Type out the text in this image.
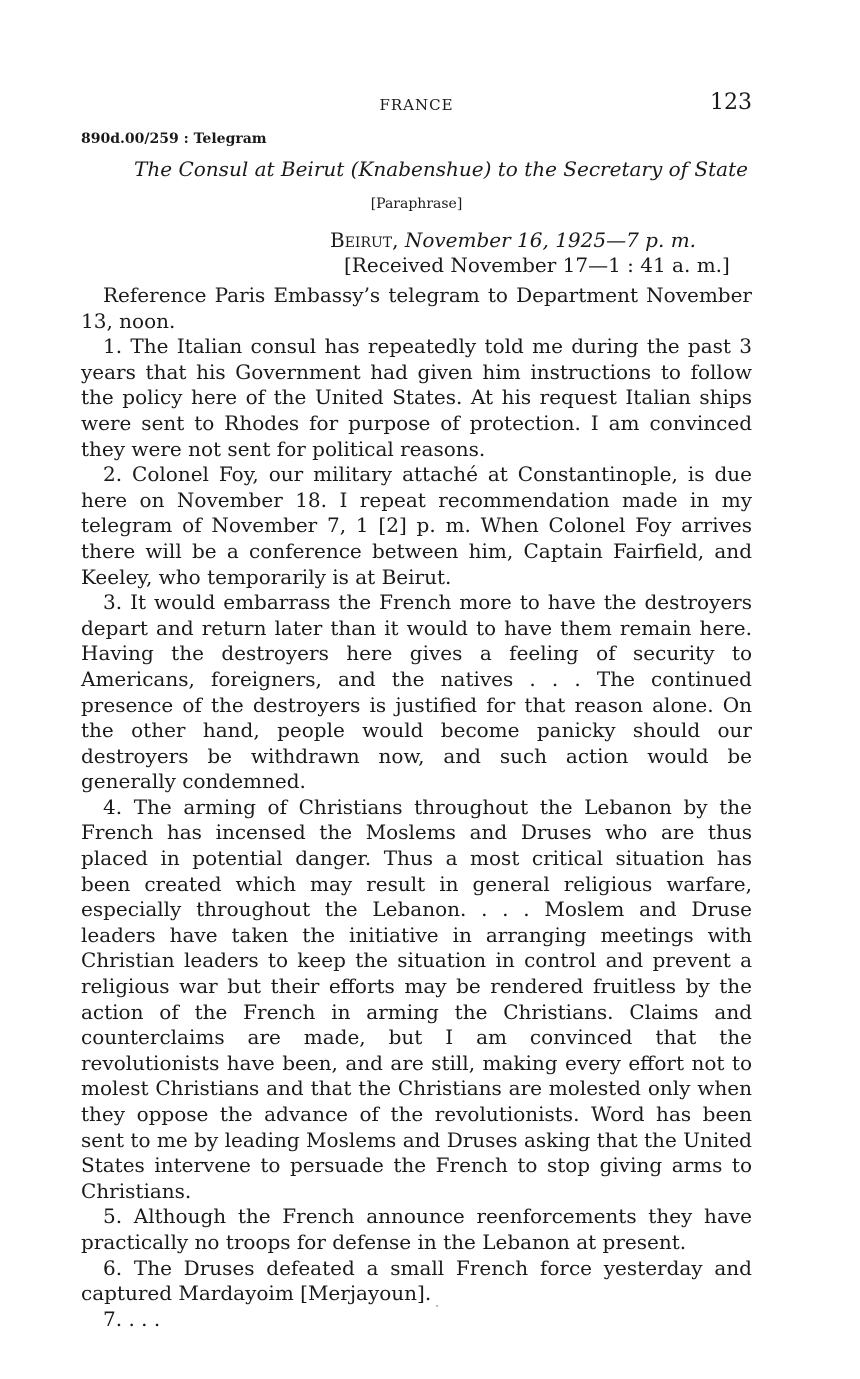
FRANCE	123
890d.00/259 : Telegram
The Consul at Beirut (Knabenshue) to the Secretary of State
[Paraphrase]
Beirut, November 16, 1925—7 p. m.
[Received November 17—1 : 41 a. m.]

Reference Paris Embassy’s telegram to Department November 13, noon.

1. The Italian consul has repeatedly told me during the past 3 years that his Government had given him instructions to follow the policy here of the United States. At his request Italian ships were sent to Rhodes for purpose of protection. I am convinced they were not sent for political reasons.

2. Colonel Foy, our military attaché at Constantinople, is due here on November 18. I repeat recommendation made in my telegram of November 7, 1 [2] p. m. When Colonel Foy arrives there will be a conference between him, Captain Fairfield, and Keeley, who temporarily is at Beirut.

3. It would embarrass the French more to have the destroyers depart and return later than it would to have them remain here. Having the destroyers here gives a feeling of security to Americans, foreigners, and the natives . . . The continued presence of the destroyers is justified for that reason alone. On the other hand, people would become panicky should our destroyers be withdrawn now, and such action would be generally condemned.

4. The arming of Christians throughout the Lebanon by the French has incensed the Moslems and Druses who are thus placed in potential danger. Thus a most critical situation has been created which may result in general religious warfare, especially throughout the Lebanon. . . . Moslem and Druse leaders have taken the initiative in arranging meetings with Christian leaders to keep the situation in control and prevent a religious war but their efforts may be rendered fruitless by the action of the French in arming the Christians. Claims and counterclaims are made, but I am convinced that the revolutionists have been, and are still, making every effort not to molest Christians and that the Christians are molested only when they oppose the advance of the revolutionists. Word has been sent to me by leading Moslems and Druses asking that the United States intervene to persuade the French to stop giving arms to Christians.

5. Although the French announce reenforcements they have practically no troops for defense in the Lebanon at present.

6. The Druses defeated a small French force yesterday and captured Mardayoim [Merjayoun].

7. . . .
